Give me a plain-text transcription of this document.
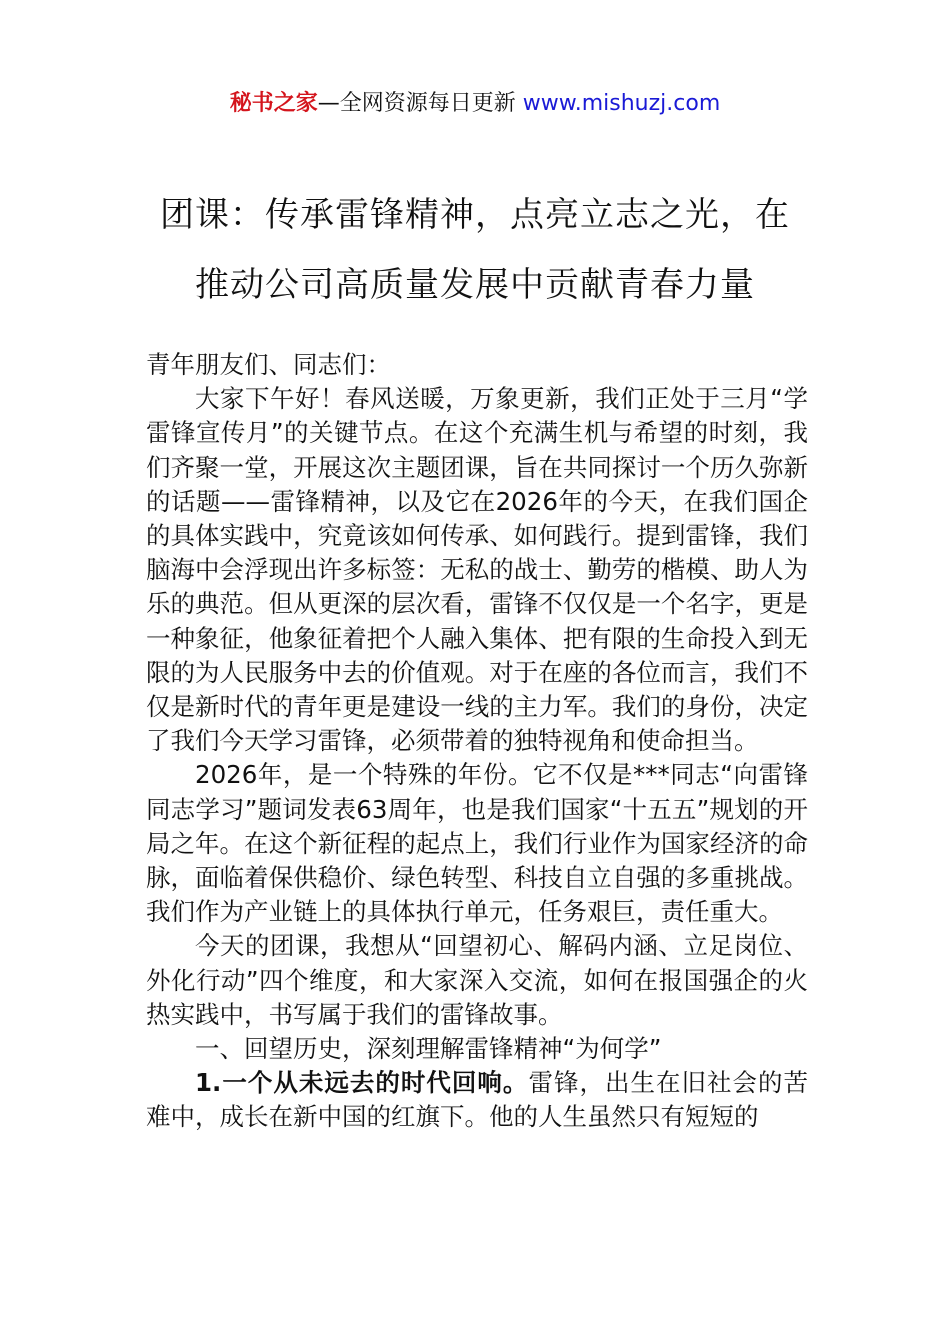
秘书之家—全网资源每日更新 www.mishuzj.com
团课：传承雷锋精神，点亮立志之光，在
推动公司高质量发展中贡献青春力量

青年朋友们、同志们：

大家下午好！春风送暖，万象更新，我们正处于三月“学雷锋宣传月”的关键节点。在这个充满生机与希望的时刻，我们齐聚一堂，开展这次主题团课，旨在共同探讨一个历久弥新的话题——雷锋精神，以及它在2026年的今天，在我们国企的具体实践中，究竟该如何传承、如何践行。提到雷锋，我们脑海中会浮现出许多标签：无私的战士、勤劳的楷模、助人为乐的典范。但从更深的层次看，雷锋不仅仅是一个名字，更是一种象征，他象征着把个人融入集体、把有限的生命投入到无限的为人民服务中去的价值观。对于在座的各位而言，我们不仅是新时代的青年更是建设一线的主力军。我们的身份，决定了我们今天学习雷锋，必须带着的独特视角和使命担当。

2026年，是一个特殊的年份。它不仅是***同志“向雷锋同志学习”题词发表63周年，也是我们国家“十五五”规划的开局之年。在这个新征程的起点上，我们行业作为国家经济的命脉，面临着保供稳价、绿色转型、科技自立自强的多重挑战。我们作为产业链上的具体执行单元，任务艰巨，责任重大。

今天的团课，我想从“回望初心、解码内涵、立足岗位、外化行动”四个维度，和大家深入交流，如何在报国强企的火热实践中，书写属于我们的雷锋故事。

一、回望历史，深刻理解雷锋精神“为何学”

1.一个从未远去的时代回响。雷锋，出生在旧社会的苦难中，成长在新中国的红旗下。他的人生虽然只有短短的
